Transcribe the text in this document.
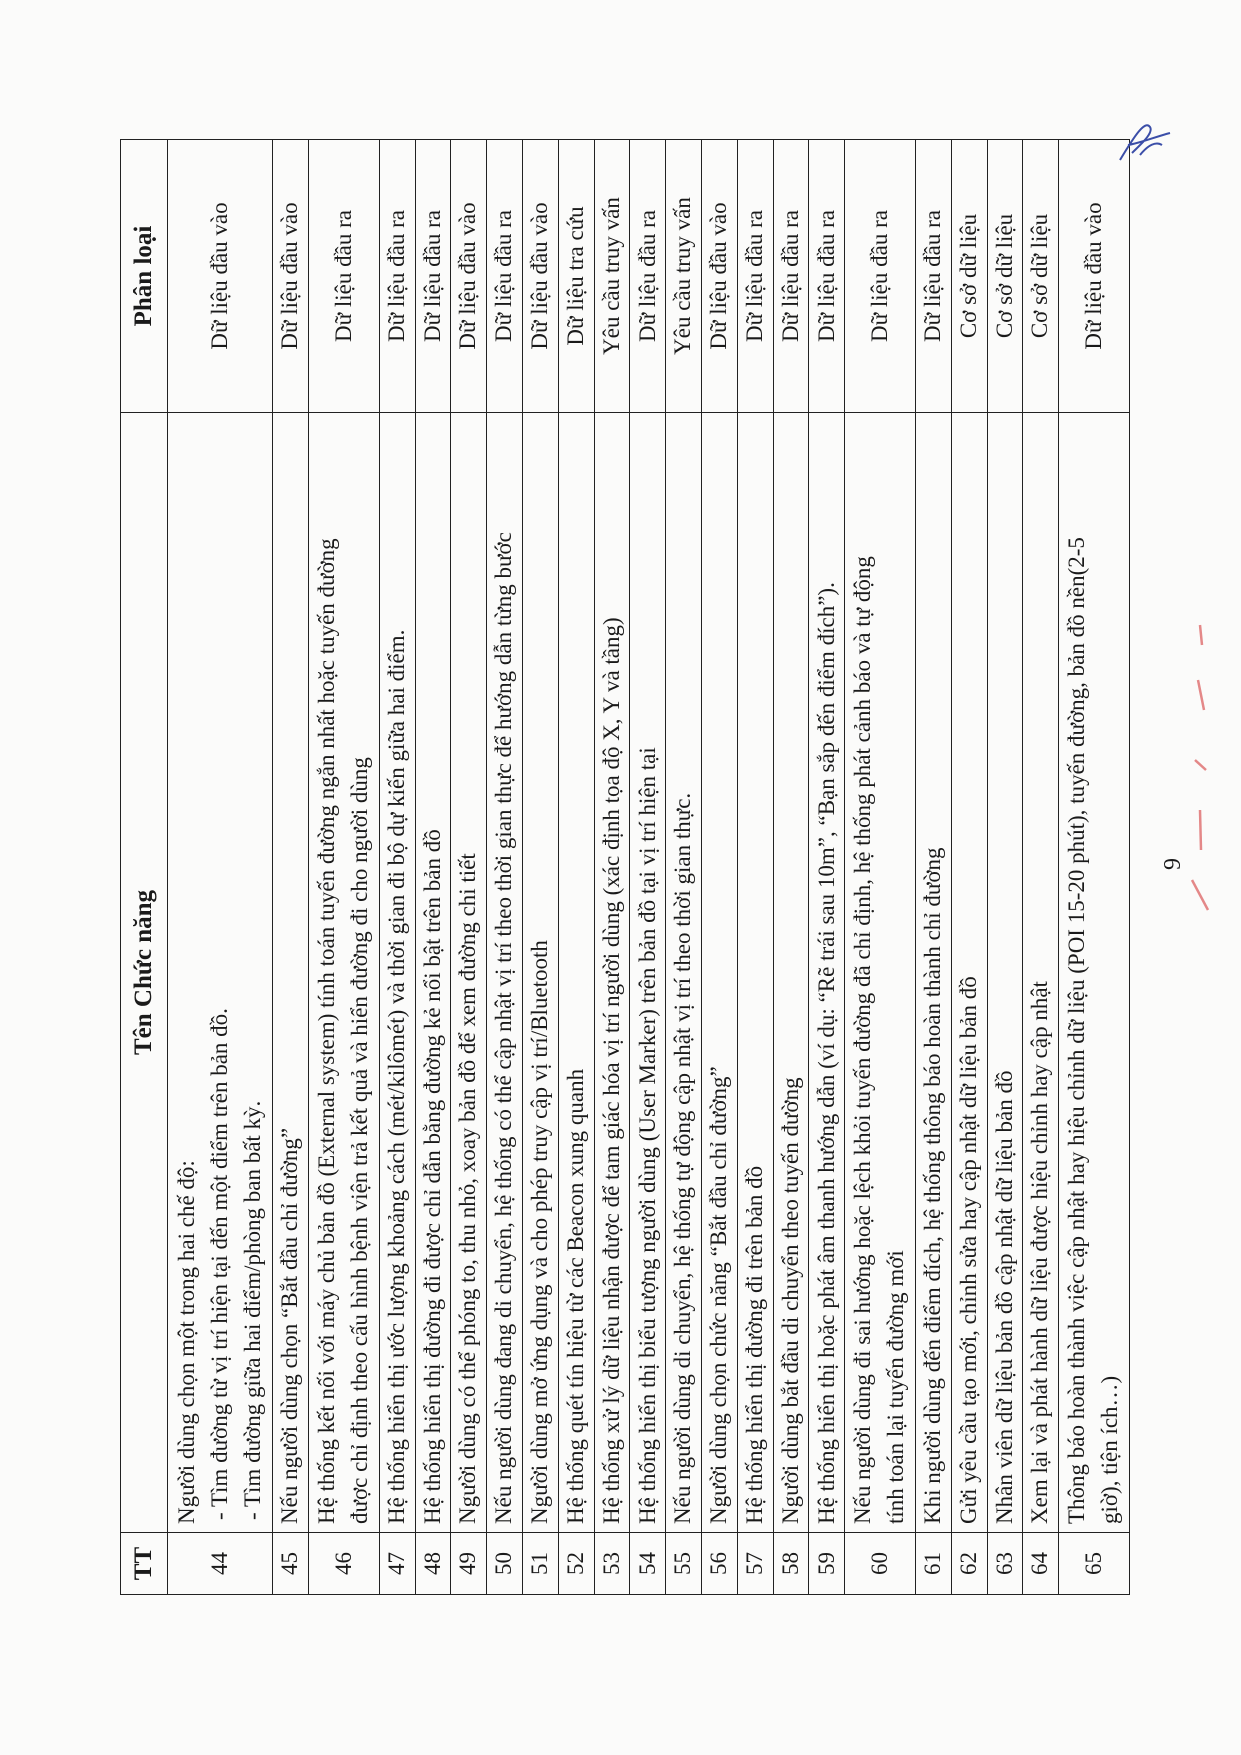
TT	Tên Chức năng	Phân loại
44	Người dùng chọn một trong hai chế độ: - Tìm đường từ vị trí hiện tại đến một điểm trên bản đồ. - Tìm đường giữa hai điểm/phòng ban bất kỳ.	Dữ liệu đầu vào
45	Nếu người dùng chọn “Bắt đầu chỉ đường”	Dữ liệu đầu vào
46	Hệ thống kết nối với máy chủ bản đồ (External system) tính toán tuyến đường ngắn nhất hoặc tuyến đường được chỉ định theo cấu hình bệnh viện trả kết quả và hiển đường đi cho người dùng	Dữ liệu đầu ra
47	Hệ thống hiển thị ước lượng khoảng cách (mét/kilômét) và thời gian đi bộ dự kiến giữa hai điểm.	Dữ liệu đầu ra
48	Hệ thống hiển thị đường đi được chỉ dẫn bằng đường kẻ nổi bật trên bản đồ	Dữ liệu đầu ra
49	Người dùng có thể phóng to, thu nhỏ, xoay bản đồ để xem đường chi tiết	Dữ liệu đầu vào
50	Nếu người dùng đang di chuyển, hệ thống có thể cập nhật vị trí theo thời gian thực để hướng dẫn từng bước	Dữ liệu đầu ra
51	Người dùng mở ứng dụng và cho phép truy cập vị trí/Bluetooth	Dữ liệu đầu vào
52	Hệ thống quét tín hiệu từ các Beacon xung quanh	Dữ liệu tra cứu
53	Hệ thống xử lý dữ liệu nhận được để tam giác hóa vị trí người dùng (xác định tọa độ X, Y và tầng)	Yêu cầu truy vấn
54	Hệ thống hiển thị biểu tượng người dùng (User Marker) trên bản đồ tại vị trí hiện tại	Dữ liệu đầu ra
55	Nếu người dùng di chuyển, hệ thống tự động cập nhật vị trí theo thời gian thực.	Yêu cầu truy vấn
56	Người dùng chọn chức năng “Bắt đầu chỉ đường”	Dữ liệu đầu vào
57	Hệ thống hiển thị đường đi trên bản đồ	Dữ liệu đầu ra
58	Người dùng bắt đầu di chuyển theo tuyến đường	Dữ liệu đầu ra
59	Hệ thống hiển thị hoặc phát âm thanh hướng dẫn (ví dụ: “Rẽ trái sau 10m”, “Bạn sắp đến điểm đích”).	Dữ liệu đầu ra
60	Nếu người dùng đi sai hướng hoặc lệch khỏi tuyến đường đã chỉ định, hệ thống phát cảnh báo và tự động tính toán lại tuyến đường mới	Dữ liệu đầu ra
61	Khi người dùng đến điểm đích, hệ thống thông báo hoàn thành chỉ đường	Dữ liệu đầu ra
62	Gửi yêu cầu tạo mới, chỉnh sửa hay cập nhật dữ liệu bản đồ	Cơ sở dữ liệu
63	Nhân viên dữ liệu bản đồ cập nhật dữ liệu bản đồ	Cơ sở dữ liệu
64	Xem lại và phát hành dữ liệu được hiệu chỉnh hay cập nhật	Cơ sở dữ liệu
65	Thông báo hoàn thành việc cập nhật hay hiệu chỉnh dữ liệu (POI 15-20 phút), tuyến đường, bản đồ nền(2-5 giờ), tiện ích…)	Dữ liệu đầu vào
9
